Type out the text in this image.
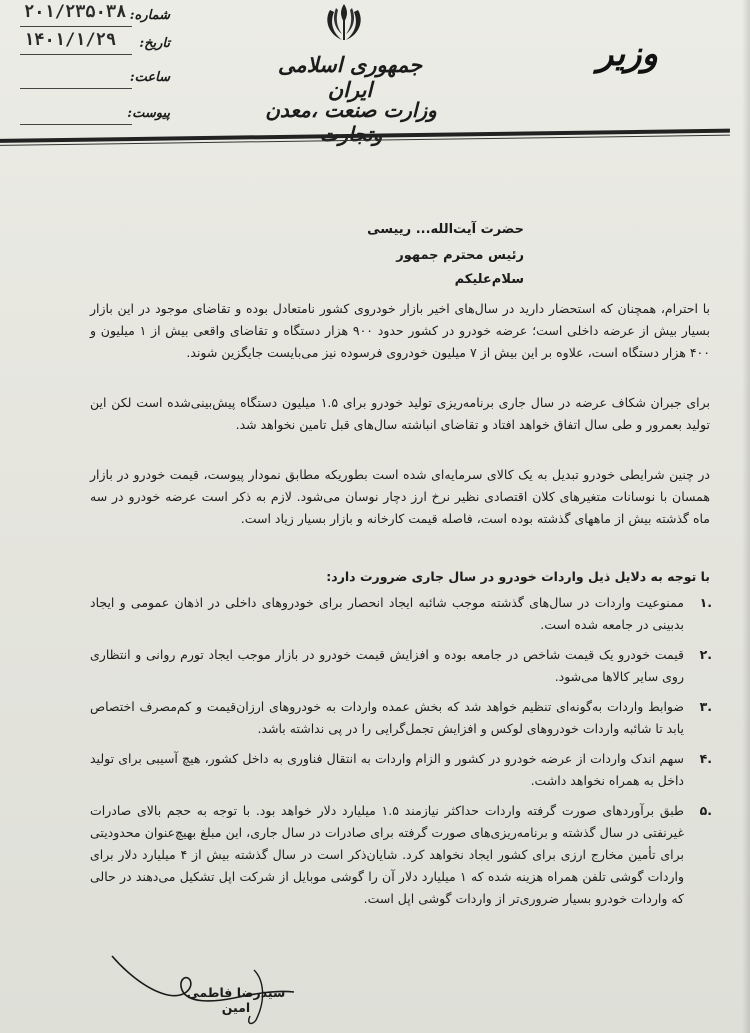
وزیر
جمهوری اسلامی ایران
وزارت صنعت ،معدن
شماره:
۲۰۱/۲۳۵۰۳۸
تاریخ:
۱۴۰۱/۱/۲۹
ساعت:
پیوست:
حضرت آیت‌الله... رییسی
رئیس محترم جمهور
سلام‌علیکم
با احترام، همچنان که استحضار دارید در سال‌های اخیر بازار خودروی کشور نامتعادل بوده و تقاضای موجود در این بازار بسیار بیش از عرضه داخلی است؛ عرضه خودرو در کشور حدود ۹۰۰ هزار دستگاه و تقاضای واقعی بیش از ۱ میلیون و ۴۰۰ هزار دستگاه است، علاوه بر این بیش از ۷ میلیون خودروی فرسوده نیز می‌بایست جایگزین شوند.
برای جبران شکاف عرضه در سال جاری برنامه‌ریزی تولید خودرو برای ۱.۵ میلیون دستگاه پیش‌بینی‌شده است لکن این تولید بعمرور و طی سال اتفاق خواهد افتاد و تقاضای انباشته سال‌های قبل تامین نخواهد شد.
در چنین شرایطی خودرو تبدیل به یک کالای سرمایه‌ای شده است بطوریکه مطابق نمودار پیوست، قیمت خودرو در بازار همسان با نوسانات متغیرهای کلان اقتصادی نظیر نرخ ارز دچار نوسان می‌شود. لازم به ذکر است عرضه خودرو در سه ماه گذشته بیش از ماههای گذشته بوده است، فاصله قیمت کارخانه و بازار بسیار زیاد است.
با توجه به دلایل ذیل واردات خودرو در سال جاری ضرورت دارد:
.۱
ممنوعیت واردات در سال‌های گذشته موجب شائبه ایجاد انحصار برای خودروهای داخلی در اذهان عمومی و ایجاد بدبینی در جامعه شده است.
.۲
قیمت خودرو یک قیمت شاخص در جامعه بوده و افزایش قیمت خودرو در بازار موجب ایجاد تورم روانی و انتظاری روی سایر کالاها می‌شود.
.۳
ضوابط واردات به‌گونه‌ای تنظیم خواهد شد که بخش عمده واردات به خودروهای ارزان‌قیمت و کم‌مصرف اختصاص یابد تا شائبه واردات خودروهای لوکس و افزایش تجمل‌گرایی را در پی نداشته باشد.
.۴
سهم اندک واردات از عرضه خودرو در کشور و الزام واردات به انتقال فناوری به داخل کشور، هیچ آسیبی برای تولید داخل به همراه نخواهد داشت.
.۵
طبق برآوردهای صورت گرفته واردات حداکثر نیازمند ۱.۵ میلیارد دلار خواهد بود. با توجه به حجم بالای صادرات غیرنفتی در سال گذشته و برنامه‌ریزی‌های صورت گرفته برای صادرات در سال جاری، این مبلغ بهیچ‌عنوان محدودیتی برای تأمین مخارج ارزی برای کشور ایجاد نخواهد کرد. شایان‌ذکر است در سال گذشته بیش از ۴ میلیارد دلار برای واردات گوشی تلفن همراه هزینه شده که ۱ میلیارد دلار آن را گوشی موبایل از شرکت اپل تشکیل می‌دهند در حالی که واردات خودرو بسیار ضروری‌تر از واردات گوشی اپل است.
سیدرضا فاطمی امین
